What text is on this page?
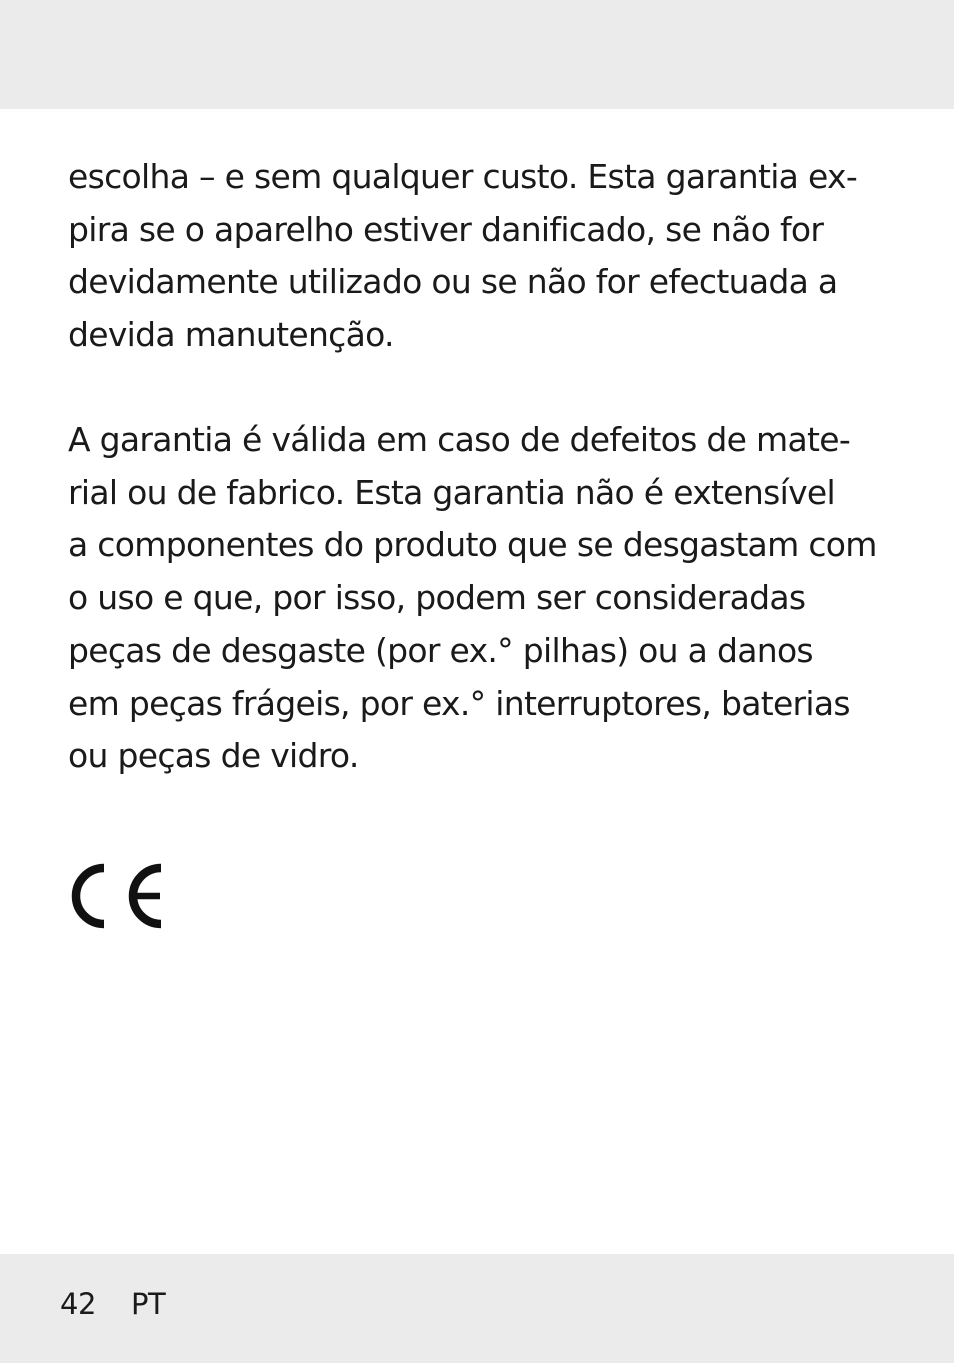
escolha – e sem qualquer custo. Esta garantia ex-
pira se o aparelho estiver danificado, se não for
devidamente utilizado ou se não for efectuada a
devida manutenção.
A garantia é válida em caso de defeitos de mate-
rial ou de fabrico. Esta garantia não é extensível
a componentes do produto que se desgastam com
o uso e que, por isso, podem ser consideradas
peças de desgaste (por ex.° pilhas) ou a danos
em peças frágeis, por ex.° interruptores, baterias
ou peças de vidro.
42 PT
